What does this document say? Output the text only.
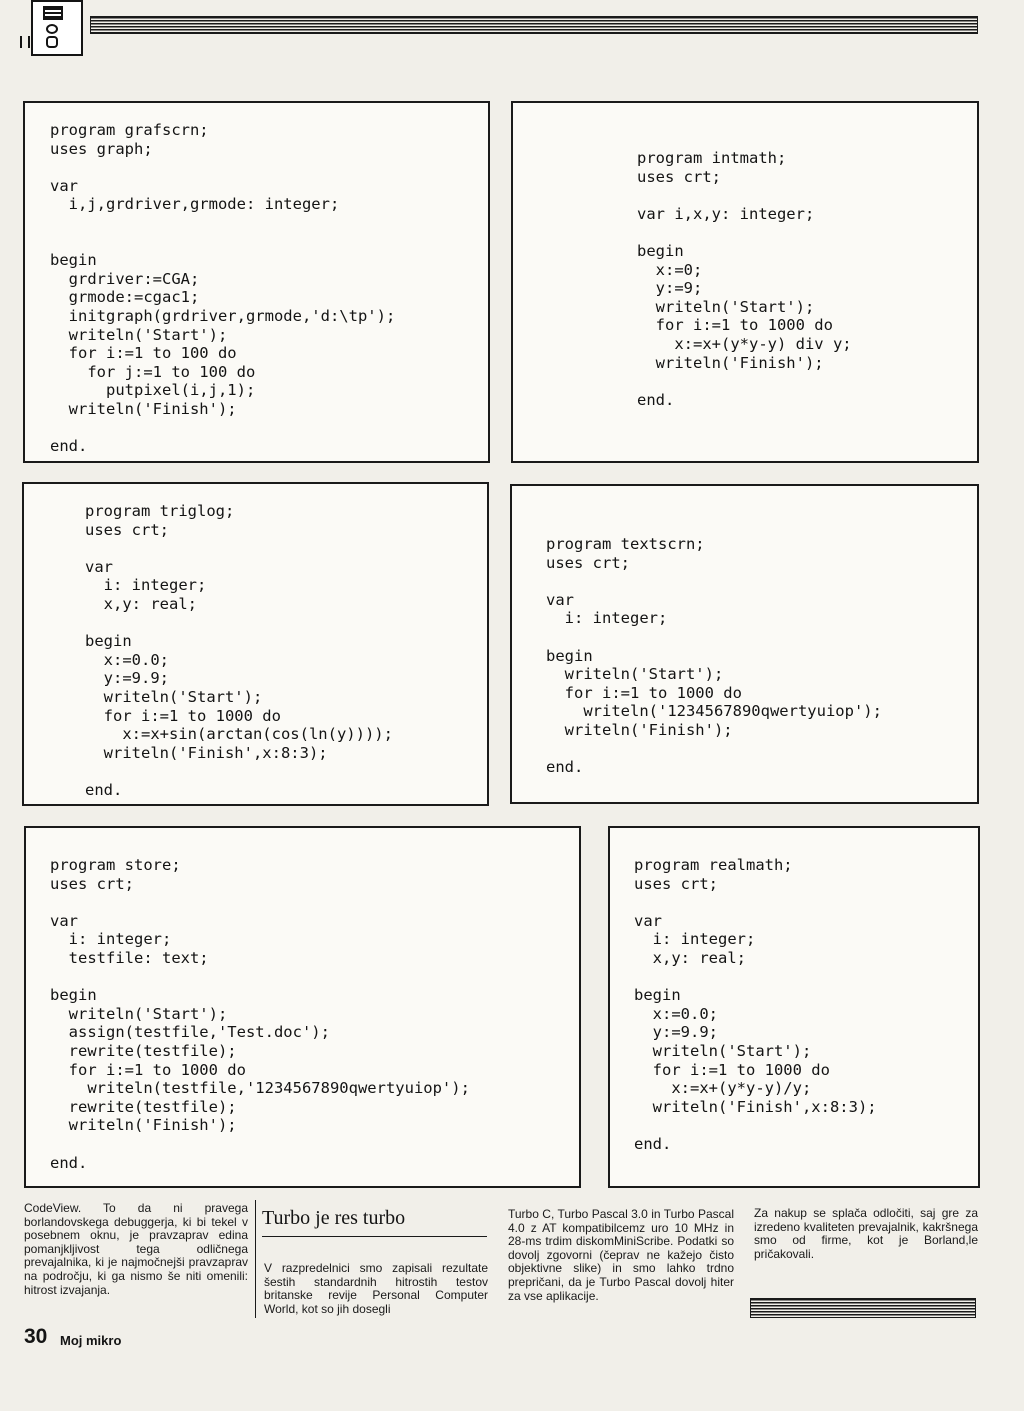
program grafscrn;
uses graph;

var
i,j,grdriver,grmode: integer;

begin
grdriver:=CGA;
grmode:=cgac1;
initgraph(grdriver,grmode,'d:\tp');
writeln('Start');
for i:=1 to 100 do
for j:=1 to 100 do
putpixel(i,j,1);
writeln('Finish');

end.
program intmath;
uses crt;

var i,x,y: integer;

begin
x:=0;
y:=9;
writeln('Start');
for i:=1 to 1000 do
x:=x+(y*y-y) div y;
writeln('Finish');

end.
program triglog;
uses crt;

var
i: integer;
x,y: real;

begin
x:=0.0;
y:=9.9;
writeln('Start');
for i:=1 to 1000 do
x:=x+sin(arctan(cos(ln(y))));
writeln('Finish',x:8:3);

end.
program textscrn;
uses crt;

var
i: integer;

begin
writeln('Start');
for i:=1 to 1000 do
writeln('1234567890qwertyuiop');
writeln('Finish');

end.
program store;
uses crt;

var
i: integer;
testfile: text;

begin
writeln('Start');
assign(testfile,'Test.doc');
rewrite(testfile);
for i:=1 to 1000 do
writeln(testfile,'1234567890qwertyuiop');
rewrite(testfile);
writeln('Finish');

end.
program realmath;
uses crt;

var
i: integer;
x,y: real;

begin
x:=0.0;
y:=9.9;
writeln('Start');
for i:=1 to 1000 do
x:=x+(y*y-y)/y;
writeln('Finish',x:8:3);

end.
CodeView. To da ni pravega borlandovskega debuggerja, ki bi tekel v posebnem oknu, je pravzaprav edina pomanjkljivost tega odličnega prevajalnika, ki je najmočnejši pravzaprav na področju, ki ga nismo še niti omenili: hitrost izvajanja.
Turbo je res turbo
V razpredelnici smo zapisali rezultate šestih standardnih hitrostih testov britanske revije Personal Computer World, kot so jih dosegli
Turbo C, Turbo Pascal 3.0 in Turbo Pascal 4.0 z AT kompatibilcemz uro 10 MHz in 28-ms trdim diskomMiniScribe. Podatki so dovolj zgovorni (čeprav ne kažejo čisto objektivne slike) in smo lahko trdno prepričani, da je Turbo Pascal dovolj hiter za vse aplikacije.
Za nakup se splača odločiti, saj gre za izredeno kvaliteten prevajalnik, kakršnega smo od firme, kot je Borland,le pričakovali.
30 Moj mikro
